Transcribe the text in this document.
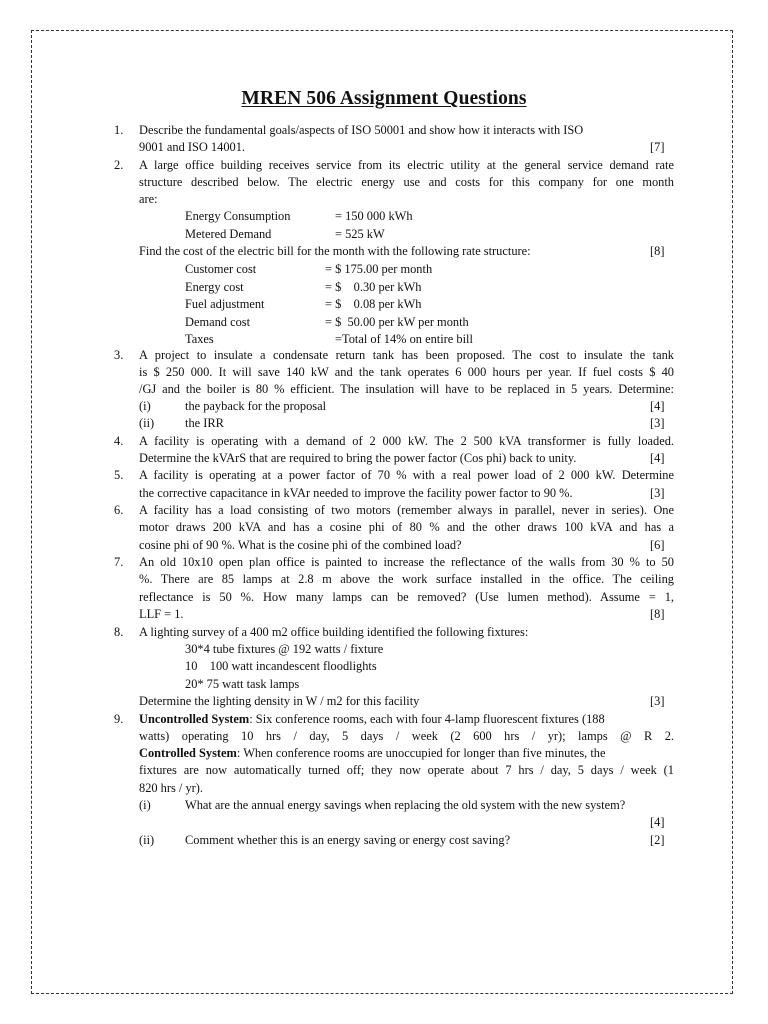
MREN 506 Assignment Questions
1. Describe the fundamental goals/aspects of ISO 50001 and show how it interacts with ISO
9001 and ISO 14001.	[7]
2. A large office building receives service from its electric utility at the general service demand rate
structure described below. The electric energy use and costs for this company for one month
are:
Energy Consumption	= 150 000 kWh
Metered Demand	= 525 kW
Find the cost of the electric bill for the month with the following rate structure:	[8]
Customer cost	= $ 175.00 per month
Energy cost	= $    0.30 per kWh
Fuel adjustment	= $    0.08 per kWh
Demand cost	= $  50.00 per kW per month
Taxes	=Total of 14% on entire bill
3. A project to insulate a condensate return tank has been proposed. The cost to insulate the tank
is $ 250 000. It will save 140 kW and the tank operates 6 000 hours per year. If fuel costs $ 40
/GJ and the boiler is 80 % efficient. The insulation will have to be replaced in 5 years. Determine:
(i)	the payback for the proposal	[4]
(ii) the IRR	[3]
4. A facility is operating with a demand of 2 000 kW. The 2 500 kVA transformer is fully loaded.
Determine the kVArS that are required to bring the power factor (Cos phi) back to unity.	[4]
5. A facility is operating at a power factor of 70 % with a real power load of 2 000 kW. Determine
the corrective capacitance in kVAr needed to improve the facility power factor to 90 %.	[3]
6. A facility has a load consisting of two motors (remember always in parallel, never in series). One
motor draws 200 kVA and has a cosine phi of 80 % and the other draws 100 kVA and has a
cosine phi of 90 %. What is the cosine phi of the combined load?	[6]
7. An old 10x10 open plan office is painted to increase the reflectance of the walls from 30 % to 50
%. There are 85 lamps at 2.8 m above the work surface installed in the office. The ceiling
reflectance is 50 %. How many lamps can be removed? (Use lumen method). Assume = 1,
LLF = 1.	[8]
8. A lighting survey of a 400 m2 office building identified the following fixtures:
30*4 tube fixtures @ 192 watts / fixture
10    100 watt incandescent floodlights
20* 75 watt task lamps
Determine the lighting density in W / m2 for this facility	[3]
9. Uncontrolled System: Six conference rooms, each with four 4-lamp fluorescent fixtures (188
watts) operating 10 hrs / day, 5 days / week (2 600 hrs / yr); lamps @ R 2.
Controlled System: When conference rooms are unoccupied for longer than five minutes, the
fixtures are now automatically turned off; they now operate about 7 hrs / day, 5 days / week (1
820 hrs / yr).
(i)	What are the annual energy savings when replacing the old system with the new system?
[4]
(ii) Comment whether this is an energy saving or energy cost saving?	[2]
